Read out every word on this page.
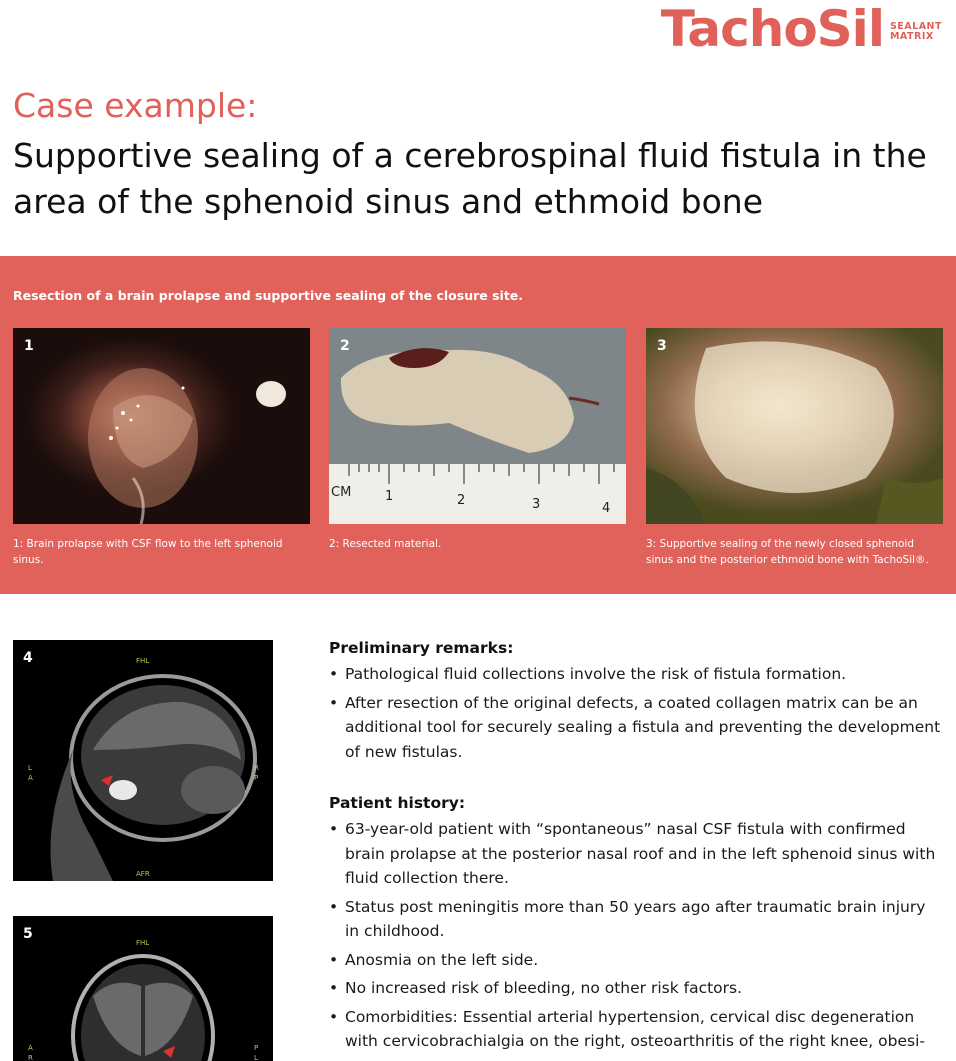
TachoSil SEALANT
MATRIX
Case example:
Supportive sealing of a cerebrospinal fluid fistula in the area of the sphenoid sinus and ethmoid bone
Resection of a brain prolapse and supportive sealing of the closure site.
1
CM	1	2	3	4
2	3
1: Brain prolapse with CSF flow to the left sphenoid sinus.
2: Resected material.	3: Supportive sealing of the newly closed sphenoid sinus and the posterior ethmoid bone with TachoSil®.
4	FHL
L
A
R
P
AFR
5
FHL
A
R
P
L
Preliminary remarks:
• Pathological fluid collections involve the risk of fistula formation.
• After resection of the original defects, a coated collagen matrix can be an additional tool for securely sealing a fistula and preventing the development of new fistulas.
Patient history:
• 63-year-old patient with “spontaneous” nasal CSF fistula with confirmed brain prolapse at the posterior nasal roof and in the left sphenoid sinus with fluid collection there.
• Status post meningitis more than 50 years ago after traumatic brain injury in childhood.
• Anosmia on the left side.
• No increased risk of bleeding, no other risk factors.
• Comorbidities: Essential arterial hypertension, cervical disc degeneration with cervicobrachialgia on the right, osteoarthritis of the right knee, obesi-
